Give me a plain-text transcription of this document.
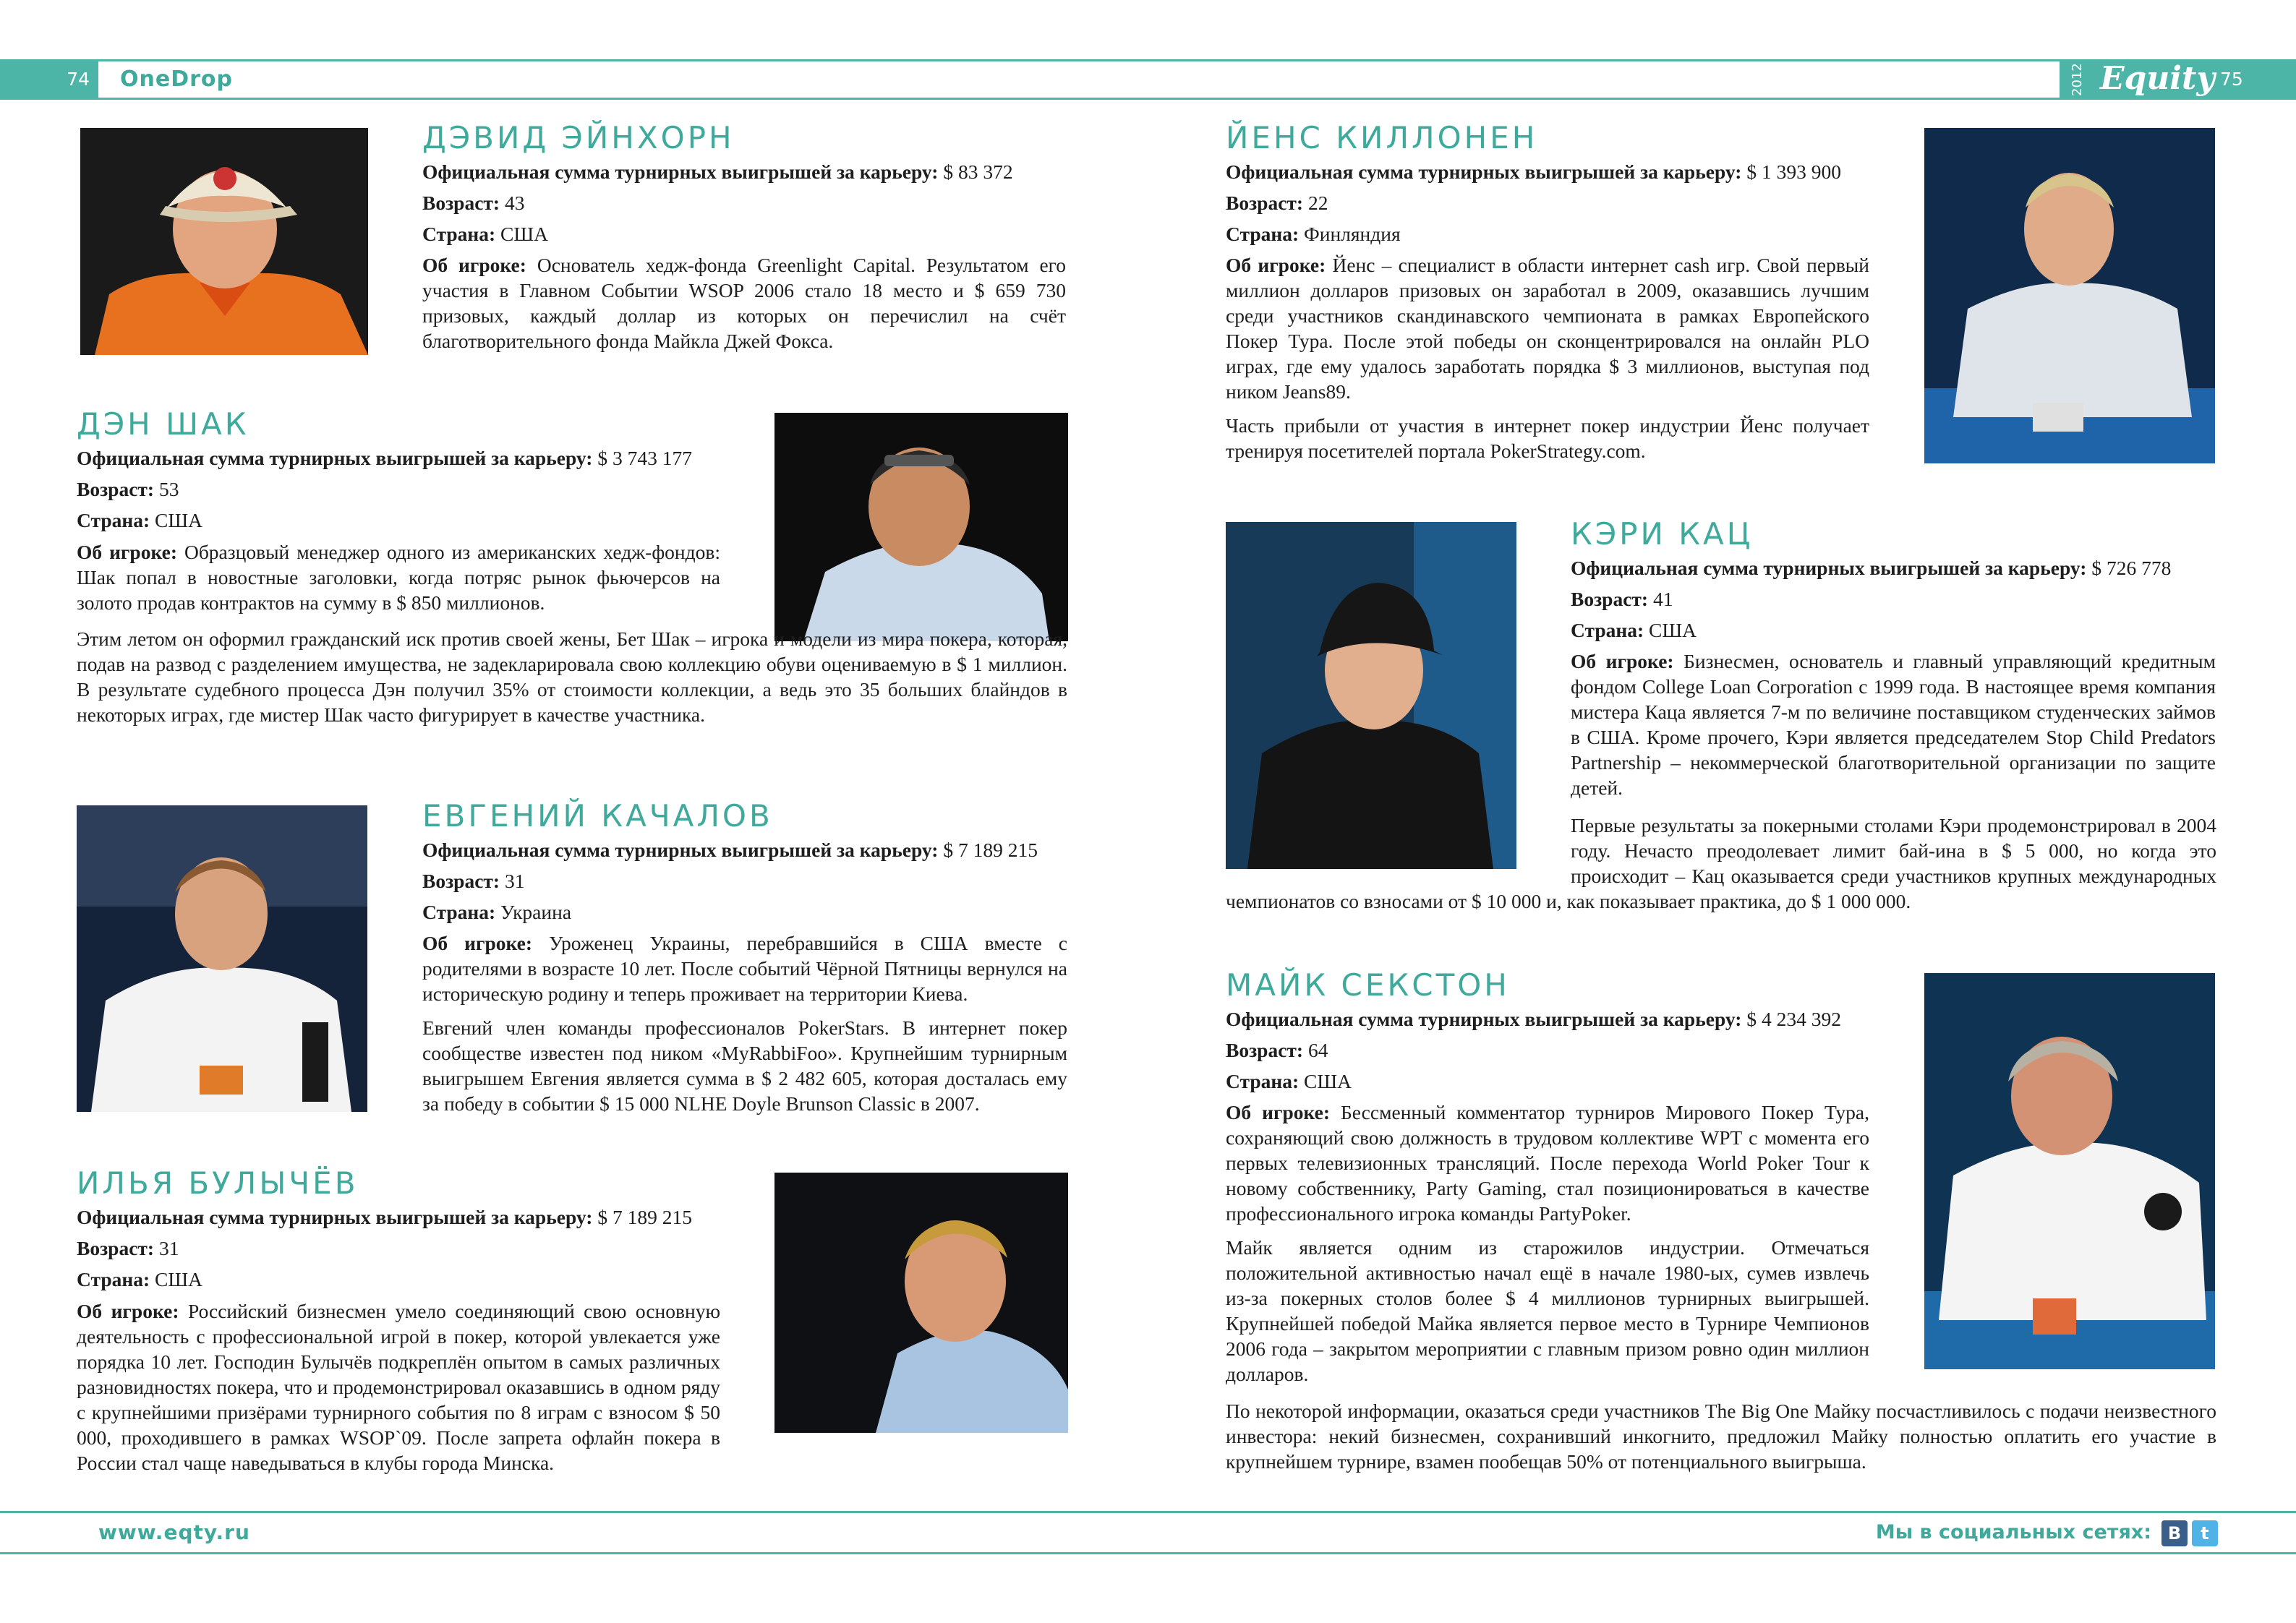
74 OneDrop	2012 Equity 75
ДЭВИД ЭЙНХОРН

Официальная сумма турнирных выигрышей за карьеру: $ 83 372

Возраст: 43

Страна: США

Об игроке: Основатель хедж-фонда Greenlight Capital. Результатом его участия в Главном Событии WSOP 2006 стало 18 место и $ 659 730 призовых, каждый доллар из которых он перечислил на счёт благотворительного фонда Майкла Джей Фокса.

ДЭН ШАК

Официальная сумма турнирных выигрышей за карьеру: $ 3 743 177

Возраст: 53

Страна: США

Об игроке: Образцовый менеджер одного из американских хедж-фондов: Шак попал в новостные заголовки, когда потряс рынок фьючерсов на золото продав контрактов на сумму в $ 850 миллионов.

Этим летом он оформил гражданский иск против своей жены, Бет Шак – игрока и модели из мира покера, которая, подав на развод с разделением имущества, не задекларировала свою коллекцию обуви оцениваемую в $ 1 миллион. В результате судебного процесса Дэн получил 35% от стоимости коллекции, а ведь это 35 больших блайндов в некоторых играх, где мистер Шак часто фигурирует в качестве участника.

ЕВГЕНИЙ КАЧАЛОВ

Официальная сумма турнирных выигрышей за карьеру: $ 7 189 215

Возраст: 31

Страна: Украина

Об игроке: Уроженец Украины, перебравшийся в США вместе с родителями в возрасте 10 лет. После событий Чёрной Пятницы вернулся на историческую родину и теперь проживает на территории Киева.

Евгений член команды профессионалов PokerStars. В интернет покер сообществе известен под ником «MyRabbiFoo». Крупнейшим турнирным выигрышем Евгения является сумма в $ 2 482 605, которая досталась ему за победу в событии $ 15 000 NLHE Doyle Brunson Classic в 2007.

ИЛЬЯ БУЛЫЧЁВ

Официальная сумма турнирных выигрышей за карьеру: $ 7 189 215

Возраст: 31

Страна: США

Об игроке: Российский бизнесмен умело соединяющий свою основную деятельность с профессиональной игрой в покер, которой увлекается уже порядка 10 лет. Господин Булычёв подкреплён опытом в самых различных разновидностях покера, что и продемонстрировал оказавшись в одном ряду с крупнейшими призёрами турнирного события по 8 играм с взносом $ 50 000, проходившего в рамках WSOP`09. После запрета офлайн покера в России стал чаще наведываться в клубы города Минска.

ЙЕНС КИЛЛОНЕН

Официальная сумма турнирных выигрышей за карьеру: $ 1 393 900

Возраст: 22

Страна: Финляндия

Об игроке: Йенс – специалист в области интернет cash игр. Свой первый миллион долларов призовых он заработал в 2009, оказавшись лучшим среди участников скандинавского чемпионата в рамках Европейского Покер Тура. После этой победы он сконцентрировался на онлайн PLO играх, где ему удалось заработать порядка $ 3 миллионов, выступая под ником Jeans89.

Часть прибыли от участия в интернет покер индустрии Йенс получает тренируя посетителей портала PokerStrategy.com.

КЭРИ КАЦ

Официальная сумма турнирных выигрышей за карьеру: $ 726 778

Возраст: 41

Страна: США

Об игроке: Бизнесмен, основатель и главный управляющий кредитным фондом College Loan Corporation с 1999 года. В настоящее время компания мистера Каца является 7-м по величине поставщиком студенческих займов в США. Кроме прочего, Кэри является председателем Stop Child Predators Partnership – некоммерческой благотворительной организации по защите детей.

Первые результаты за покерными столами Кэри продемонстрировал в 2004 году. Нечасто преодолевает лимит бай-ина в $ 5 000, но когда это происходит – Кац оказывается среди участников крупных международных чемпионатов со взносами от $ 10 000 и, как показывает практика, до $ 1 000 000.

МАЙК СЕКСТОН

Официальная сумма турнирных выигрышей за карьеру: $ 4 234 392

Возраст: 64

Страна: США

Об игроке: Бессменный комментатор турниров Мирового Покер Тура, сохраняющий свою должность в трудовом коллективе WPT с момента его первых телевизионных трансляций. После перехода World Poker Tour к новому собственнику, Party Gaming, стал позиционироваться в качестве профессионального игрока команды PartyPoker.

Майк является одним из старожилов индустрии. Отмечаться положительной активностью начал ещё в начале 1980-ых, сумев извлечь из-за покерных столов более $ 4 миллионов турнирных выигрышей. Крупнейшей победой Майка является первое место в Турнире Чемпионов 2006 года – закрытом мероприятии с главным призом ровно один миллион долларов.

По некоторой информации, оказаться среди участников The Big One Майку посчастливилось с подачи неизвестного инвестора: некий бизнесмен, сохранивший инкогнито, предложил Майку полностью оплатить его участие в крупнейшем турнире, взамен пообещав 50% от потенциального выигрыша.

www.eqty.ru	Мы в социальных сетях: В	t
